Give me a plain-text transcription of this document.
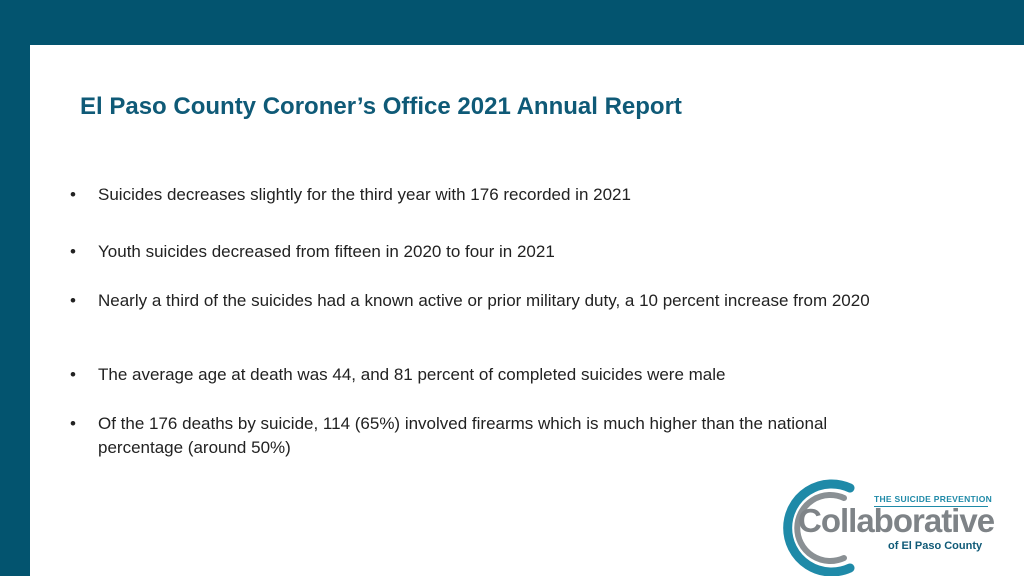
El Paso County Coroner’s Office 2021 Annual Report
•	Suicides decreases slightly for the third year with 176 recorded in 2021
•	Youth suicides decreased from fifteen in 2020 to four in 2021
•	Nearly a third of the suicides had a known active or prior military duty, a 10 percent increase from 2020
•	The average age at death was 44, and 81 percent of completed suicides were male
•	Of the 176 deaths by suicide, 114 (65%) involved firearms which is much higher than the national percentage (around 50%)
THE SUICIDE PREVENTION
Collaborative
of El Paso County
